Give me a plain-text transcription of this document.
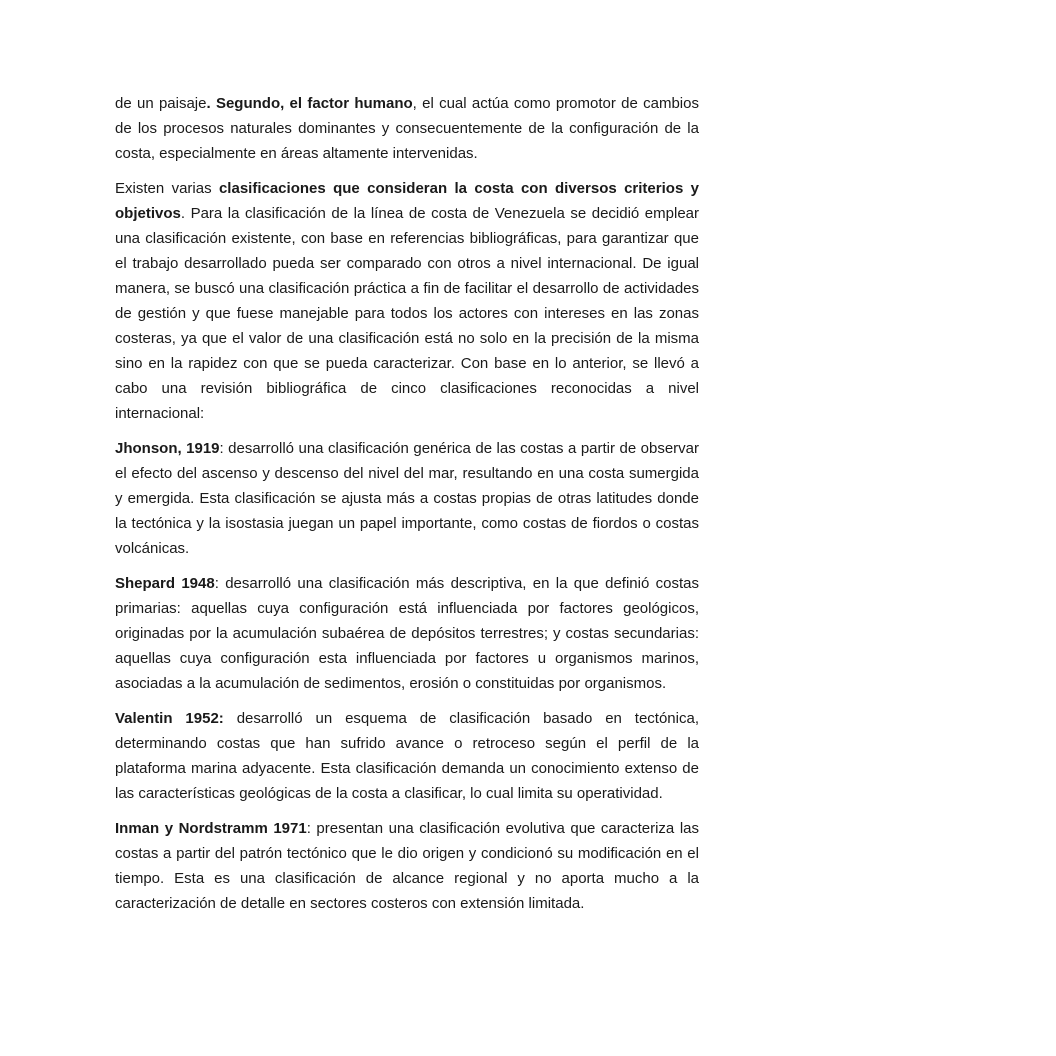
de un paisaje. Segundo, el factor humano, el cual actúa como promotor de cambios de los procesos naturales dominantes y consecuentemente de la configuración de la costa, especialmente en áreas altamente intervenidas.

Existen varias clasificaciones que consideran la costa con diversos criterios y objetivos. Para la clasificación de la línea de costa de Venezuela se decidió emplear una clasificación existente, con base en referencias bibliográficas, para garantizar que el trabajo desarrollado pueda ser comparado con otros a nivel internacional. De igual manera, se buscó una clasificación práctica a fin de facilitar el desarrollo de actividades de gestión y que fuese manejable para todos los actores con intereses en las zonas costeras, ya que el valor de una clasificación está no solo en la precisión de la misma sino en la rapidez con que se pueda caracterizar. Con base en lo anterior, se llevó a cabo una revisión bibliográfica de cinco clasificaciones reconocidas a nivel internacional:

Jhonson, 1919: desarrolló una clasificación genérica de las costas a partir de observar el efecto del ascenso y descenso del nivel del mar, resultando en una costa sumergida y emergida. Esta clasificación se ajusta más a costas propias de otras latitudes donde la tectónica y la isostasia juegan un papel importante, como costas de fiordos o costas volcánicas.

Shepard 1948: desarrolló una clasificación más descriptiva, en la que definió costas primarias: aquellas cuya configuración está influenciada por factores geológicos, originadas por la acumulación subaérea de depósitos terrestres; y costas secundarias: aquellas cuya configuración esta influenciada por factores u organismos marinos, asociadas a la acumulación de sedimentos, erosión o constituidas por organismos.

Valentin 1952: desarrolló un esquema de clasificación basado en tectónica, determinando costas que han sufrido avance o retroceso según el perfil de la plataforma marina adyacente. Esta clasificación demanda un conocimiento extenso de las características geológicas de la costa a clasificar, lo cual limita su operatividad.

Inman y Nordstramm 1971: presentan una clasificación evolutiva que caracteriza las costas a partir del patrón tectónico que le dio origen y condicionó su modificación en el tiempo. Esta es una clasificación de alcance regional y no aporta mucho a la caracterización de detalle en sectores costeros con extensión limitada.
